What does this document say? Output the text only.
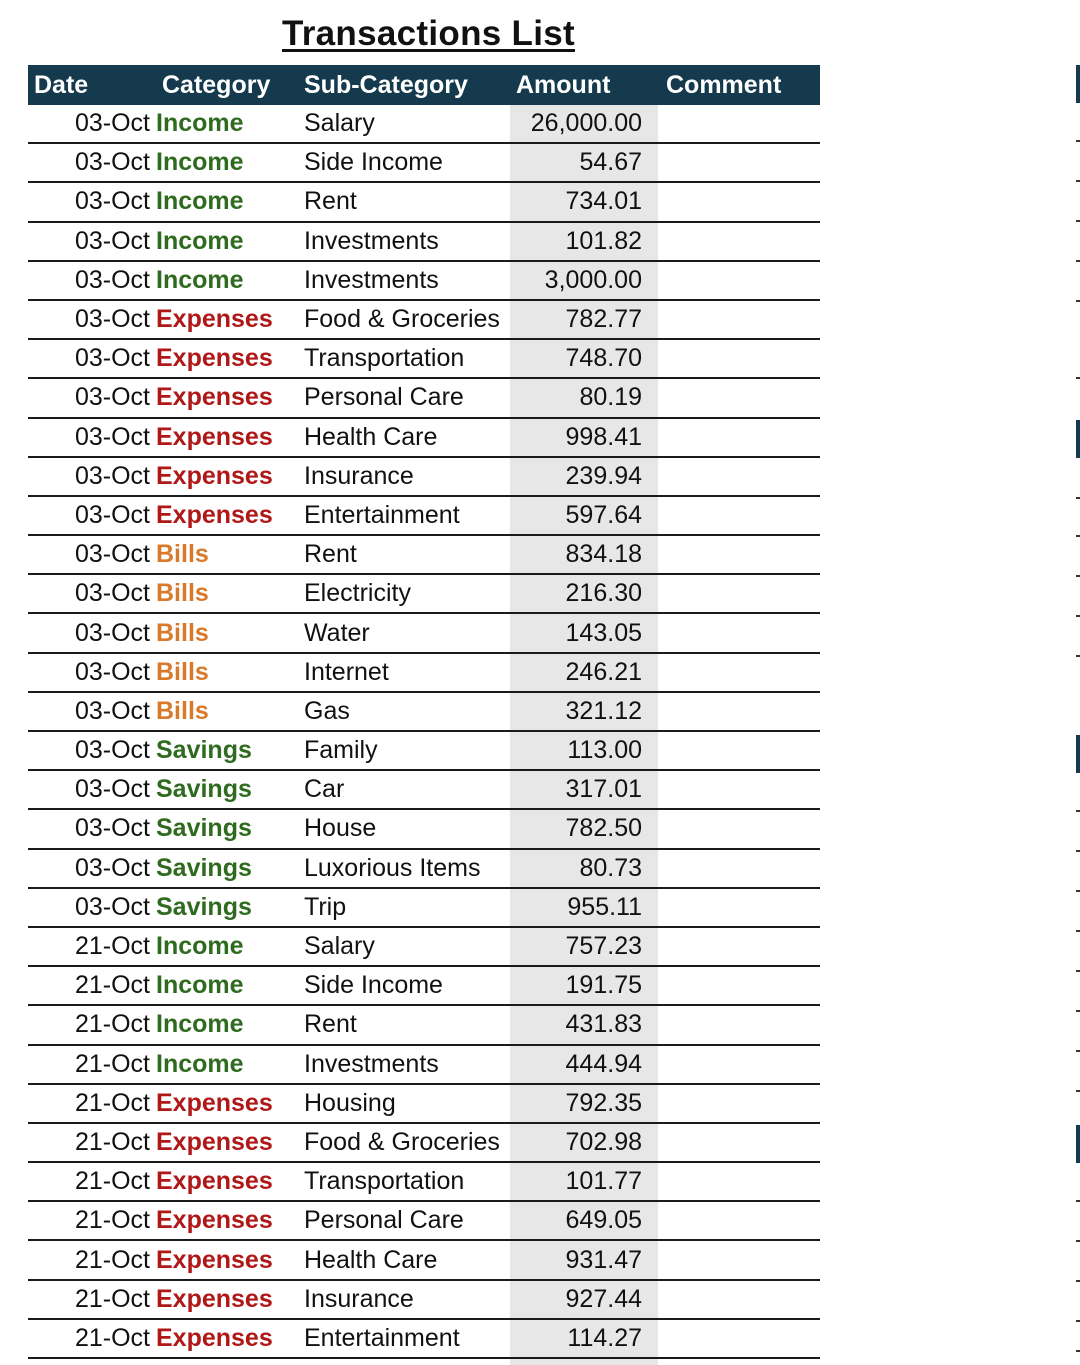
Transactions List
Date	Category	Sub-Category	Amount	Comment
03-Oct	Income	Salary	26,000.00	
03-Oct	Income	Side Income	54.67	
03-Oct	Income	Rent	734.01	
03-Oct	Income	Investments	101.82	
03-Oct	Income	Investments	3,000.00	
03-Oct	Expenses	Food & Groceries	782.77	
03-Oct	Expenses	Transportation	748.70	
03-Oct	Expenses	Personal Care	80.19	
03-Oct	Expenses	Health Care	998.41	
03-Oct	Expenses	Insurance	239.94	
03-Oct	Expenses	Entertainment	597.64	
03-Oct	Bills	Rent	834.18	
03-Oct	Bills	Electricity	216.30	
03-Oct	Bills	Water	143.05	
03-Oct	Bills	Internet	246.21	
03-Oct	Bills	Gas	321.12	
03-Oct	Savings	Family	113.00	
03-Oct	Savings	Car	317.01	
03-Oct	Savings	House	782.50	
03-Oct	Savings	Luxorious Items	80.73	
03-Oct	Savings	Trip	955.11	
21-Oct	Income	Salary	757.23	
21-Oct	Income	Side Income	191.75	
21-Oct	Income	Rent	431.83	
21-Oct	Income	Investments	444.94	
21-Oct	Expenses	Housing	792.35	
21-Oct	Expenses	Food & Groceries	702.98	
21-Oct	Expenses	Transportation	101.77	
21-Oct	Expenses	Personal Care	649.05	
21-Oct	Expenses	Health Care	931.47	
21-Oct	Expenses	Insurance	927.44	
21-Oct	Expenses	Entertainment	114.27	
